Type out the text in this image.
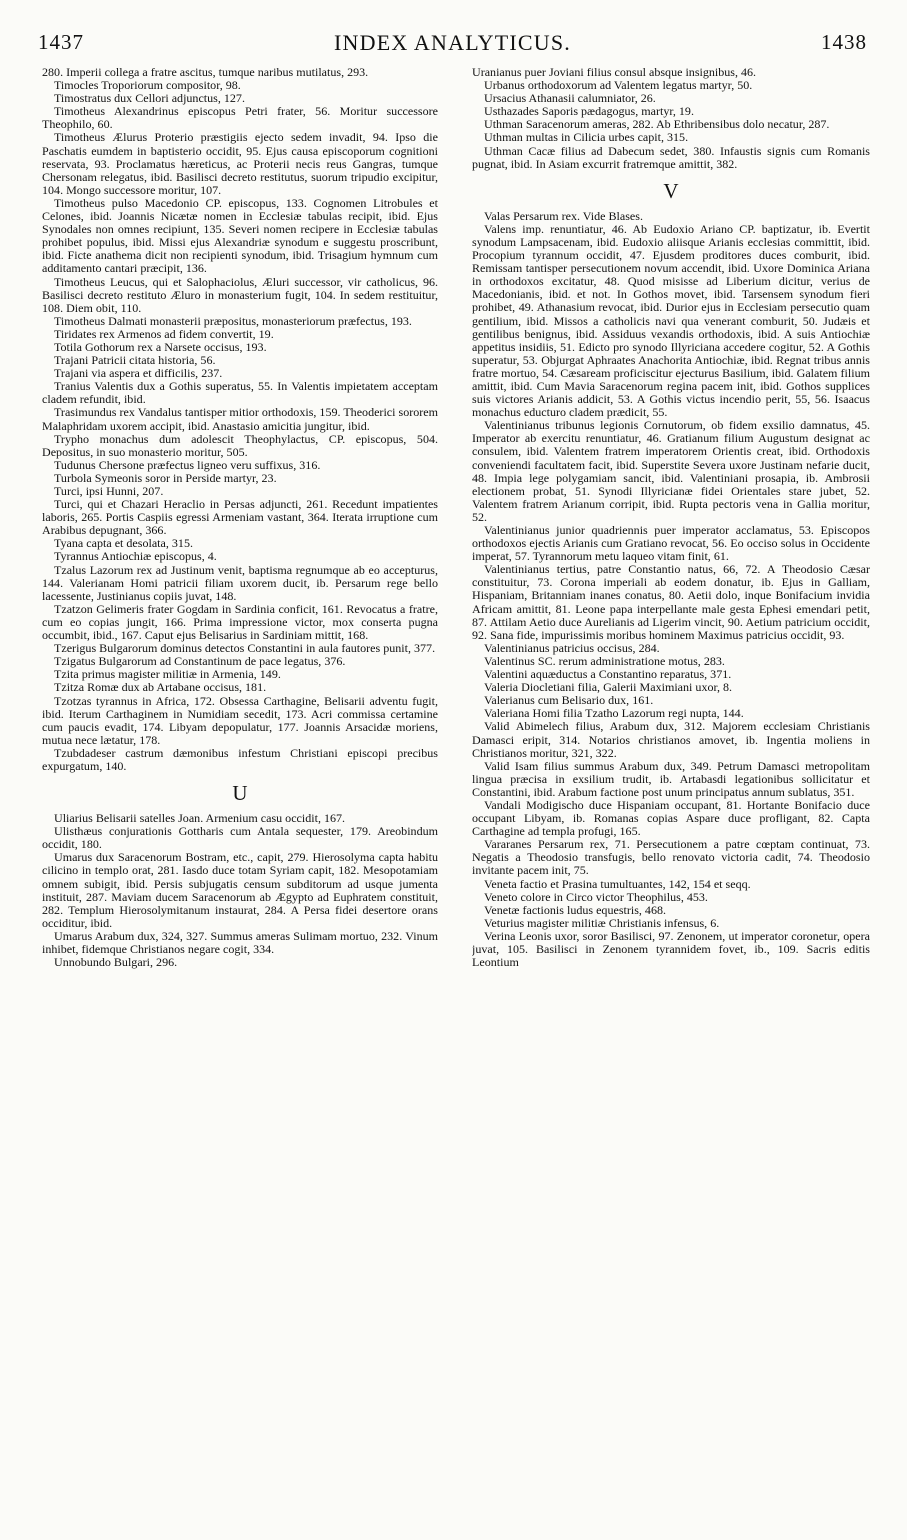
1437	INDEX ANALYTICUS.	1438

280. Imperii collega a fratre ascitus, tumque naribus mutilatus, 293.

Timocles Troporiorum compositor, 98.

Timostratus dux Cellori adjunctus, 127.

Timotheus Alexandrinus episcopus Petri frater, 56. Moritur successore Theophilo, 60.

Timotheus Ælurus Proterio præstigiis ejecto sedem invadit, 94. Ipso die Paschatis eumdem in baptisterio occidit, 95. Ejus causa episcoporum cognitioni reservata, 93. Proclamatus hæreticus, ac Proterii necis reus Gangras, tumque Chersonam relegatus, ibid. Basilisci decreto restitutus, suorum tripudio excipitur, 104. Mongo successore moritur, 107.

Timotheus pulso Macedonio CP. episcopus, 133. Cognomen Litrobules et Celones, ibid. Joannis Nicætæ nomen in Ecclesiæ tabulas recipit, ibid. Ejus Synodales non omnes recipiunt, 135. Severi nomen recipere in Ecclesiæ tabulas prohibet populus, ibid. Missi ejus Alexandriæ synodum e suggestu proscribunt, ibid. Ficte anathema dicit non recipienti synodum, ibid. Trisagium hymnum cum additamento cantari præcipit, 136.

Timotheus Leucus, qui et Salophaciolus, Æluri successor, vir catholicus, 96. Basilisci decreto restituto Æluro in monasterium fugit, 104. In sedem restituitur, 108. Diem obit, 110.

Timotheus Dalmati monasterii præpositus, monasteriorum præfectus, 193.

Tiridates rex Armenos ad fidem convertit, 19.

Totila Gothorum rex a Narsete occisus, 193.

Trajani Patricii citata historia, 56.

Trajani via aspera et difficilis, 237.

Tranius Valentis dux a Gothis superatus, 55. In Valentis impietatem acceptam cladem refundit, ibid.

Trasimundus rex Vandalus tantisper mitior orthodoxis, 159. Theoderici sororem Malaphridam uxorem accipit, ibid. Anastasio amicitia jungitur, ibid.

Trypho monachus dum adolescit Theophylactus, CP. episcopus, 504. Depositus, in suo monasterio moritur, 505.

Tudunus Chersone præfectus ligneo veru suffixus, 316.

Turbola Symeonis soror in Perside martyr, 23.

Turci, ipsi Hunni, 207.

Turci, qui et Chazari Heraclio in Persas adjuncti, 261. Recedunt impatientes laboris, 265. Portis Caspiis egressi Armeniam vastant, 364. Iterata irruptione cum Arabibus depugnant, 366.

Tyana capta et desolata, 315.

Tyrannus Antiochiæ episcopus, 4.

Tzalus Lazorum rex ad Justinum venit, baptisma regnumque ab eo accepturus, 144. Valerianam Homi patricii filiam uxorem ducit, ib. Persarum rege bello lacessente, Justinianus copiis juvat, 148.

Tzatzon Gelimeris frater Gogdam in Sardinia conficit, 161. Revocatus a fratre, cum eo copias jungit, 166. Prima impressione victor, mox conserta pugna occumbit, ibid., 167. Caput ejus Belisarius in Sardiniam mittit, 168.

Tzerigus Bulgarorum dominus detectos Constantini in aula fautores punit, 377.

Tzigatus Bulgarorum ad Constantinum de pace legatus, 376.

Tzita primus magister militiæ in Armenia, 149.

Tzitza Romæ dux ab Artabane occisus, 181.

Tzotzas tyrannus in Africa, 172. Obsessa Carthagine, Belisarii adventu fugit, ibid. Iterum Carthaginem in Numidiam secedit, 173. Acri commissa certamine cum paucis evadit, 174. Libyam depopulatur, 177. Joannis Arsacidæ moriens, mutua nece lætatur, 178.

Tzubdadeser castrum dæmonibus infestum Christiani episcopi precibus expurgatum, 140.

U

Uliarius Belisarii satelles Joan. Armenium casu occidit, 167.

Ulisthæus conjurationis Gottharis cum Antala sequester, 179. Areobindum occidit, 180.

Umarus dux Saracenorum Bostram, etc., capit, 279. Hierosolyma capta habitu cilicino in templo orat, 281. Iasdo duce totam Syriam capit, 182. Mesopotamiam omnem subigit, ibid. Persis subjugatis censum subditorum ad usque jumenta instituit, 287. Maviam ducem Saracenorum ab Ægypto ad Euphratem constituit, 282. Templum Hierosolymitanum instaurat, 284. A Persa fidei desertore orans occiditur, ibid.

Umarus Arabum dux, 324, 327. Summus ameras Sulimam mortuo, 232. Vinum inhibet, fidemque Christianos negare cogit, 334.

Unnobundo Bulgari, 296.

Uranianus puer Joviani filius consul absque insignibus, 46.

Urbanus orthodoxorum ad Valentem legatus martyr, 50.

Ursacius Athanasii calumniator, 26.

Usthazades Saporis pædagogus, martyr, 19.

Uthman Saracenorum ameras, 282. Ab Ethribensibus dolo necatur, 287.

Uthman multas in Cilicia urbes capit, 315.

Uthman Cacæ filius ad Dabecum sedet, 380. Infaustis signis cum Romanis pugnat, ibid. In Asiam excurrit fratremque amittit, 382.

V

Valas Persarum rex. Vide Blases.

Valens imp. renuntiatur, 46. Ab Eudoxio Ariano CP. baptizatur, ib. Evertit synodum Lampsacenam, ibid. Eudoxio aliisque Arianis ecclesias committit, ibid. Procopium tyrannum occidit, 47. Ejusdem proditores duces comburit, ibid. Remissam tantisper persecutionem novum accendit, ibid. Uxore Dominica Ariana in orthodoxos excitatur, 48. Quod misisse ad Liberium dicitur, verius de Macedonianis, ibid. et not. In Gothos movet, ibid. Tarsensem synodum fieri prohibet, 49. Athanasium revocat, ibid. Durior ejus in Ecclesiam persecutio quam gentilium, ibid. Missos a catholicis navi qua venerant comburit, 50. Judæis et gentilibus benignus, ibid. Assiduus vexandis orthodoxis, ibid. A suis Antiochiæ appetitus insidiis, 51. Edicto pro synodo Illyriciana accedere cogitur, 52. A Gothis superatur, 53. Objurgat Aphraates Anachorita Antiochiæ, ibid. Regnat tribus annis fratre mortuo, 54. Cæsaream proficiscitur ejecturus Basilium, ibid. Galatem filium amittit, ibid. Cum Mavia Saracenorum regina pacem init, ibid. Gothos supplices suis victores Arianis addicit, 53. A Gothis victus incendio perit, 55, 56. Isaacus monachus educturo cladem prædicit, 55.

Valentinianus tribunus legionis Cornutorum, ob fidem exsilio damnatus, 45. Imperator ab exercitu renuntiatur, 46. Gratianum filium Augustum designat ac consulem, ibid. Valentem fratrem imperatorem Orientis creat, ibid. Orthodoxis conveniendi facultatem facit, ibid. Superstite Severa uxore Justinam nefarie ducit, 48. Impia lege polygamiam sancit, ibid. Valentiniani prosapia, ib. Ambrosii electionem probat, 51. Synodi Illyricianæ fidei Orientales stare jubet, 52. Valentem fratrem Arianum corripit, ibid. Rupta pectoris vena in Gallia moritur, 52.

Valentinianus junior quadriennis puer imperator acclamatus, 53. Episcopos orthodoxos ejectis Arianis cum Gratiano revocat, 56. Eo occiso solus in Occidente imperat, 57. Tyrannorum metu laqueo vitam finit, 61.

Valentinianus tertius, patre Constantio natus, 66, 72. A Theodosio Cæsar constituitur, 73. Corona imperiali ab eodem donatur, ib. Ejus in Galliam, Hispaniam, Britanniam inanes conatus, 80. Aetii dolo, inque Bonifacium invidia Africam amittit, 81. Leone papa interpellante male gesta Ephesi emendari petit, 87. Attilam Aetio duce Aurelianis ad Ligerim vincit, 90. Aetium patricium occidit, 92. Sana fide, impurissimis moribus hominem Maximus patricius occidit, 93.

Valentinianus patricius occisus, 284.

Valentinus SC. rerum administratione motus, 283.

Valentini aquæductus a Constantino reparatus, 371.

Valeria Diocletiani filia, Galerii Maximiani uxor, 8.

Valerianus cum Belisario dux, 161.

Valeriana Homi filia Tzatho Lazorum regi nupta, 144.

Valid Abimelech filius, Arabum dux, 312. Majorem ecclesiam Christianis Damasci eripit, 314. Notarios christianos amovet, ib. Ingentia moliens in Christianos moritur, 321, 322.

Valid Isam filius summus Arabum dux, 349. Petrum Damasci metropolitam lingua præcisa in exsilium trudit, ib. Artabasdi legationibus sollicitatur et Constantini, ibid. Arabum factione post unum principatus annum sublatus, 351.

Vandali Modigischo duce Hispaniam occupant, 81. Hortante Bonifacio duce occupant Libyam, ib. Romanas copias Aspare duce profligant, 82. Capta Carthagine ad templa profugi, 165.

Vararanes Persarum rex, 71. Persecutionem a patre cœptam continuat, 73. Negatis a Theodosio transfugis, bello renovato victoria cadit, 74. Theodosio invitante pacem init, 75.

Veneta factio et Prasina tumultuantes, 142, 154 et seqq.

Veneto colore in Circo victor Theophilus, 453.

Venetæ factionis ludus equestris, 468.

Veturius magister militiæ Christianis infensus, 6.

Verina Leonis uxor, soror Basilisci, 97. Zenonem, ut imperator coronetur, opera juvat, 105. Basilisci in Zenonem tyrannidem fovet, ib., 109. Sacris editis Leontium
